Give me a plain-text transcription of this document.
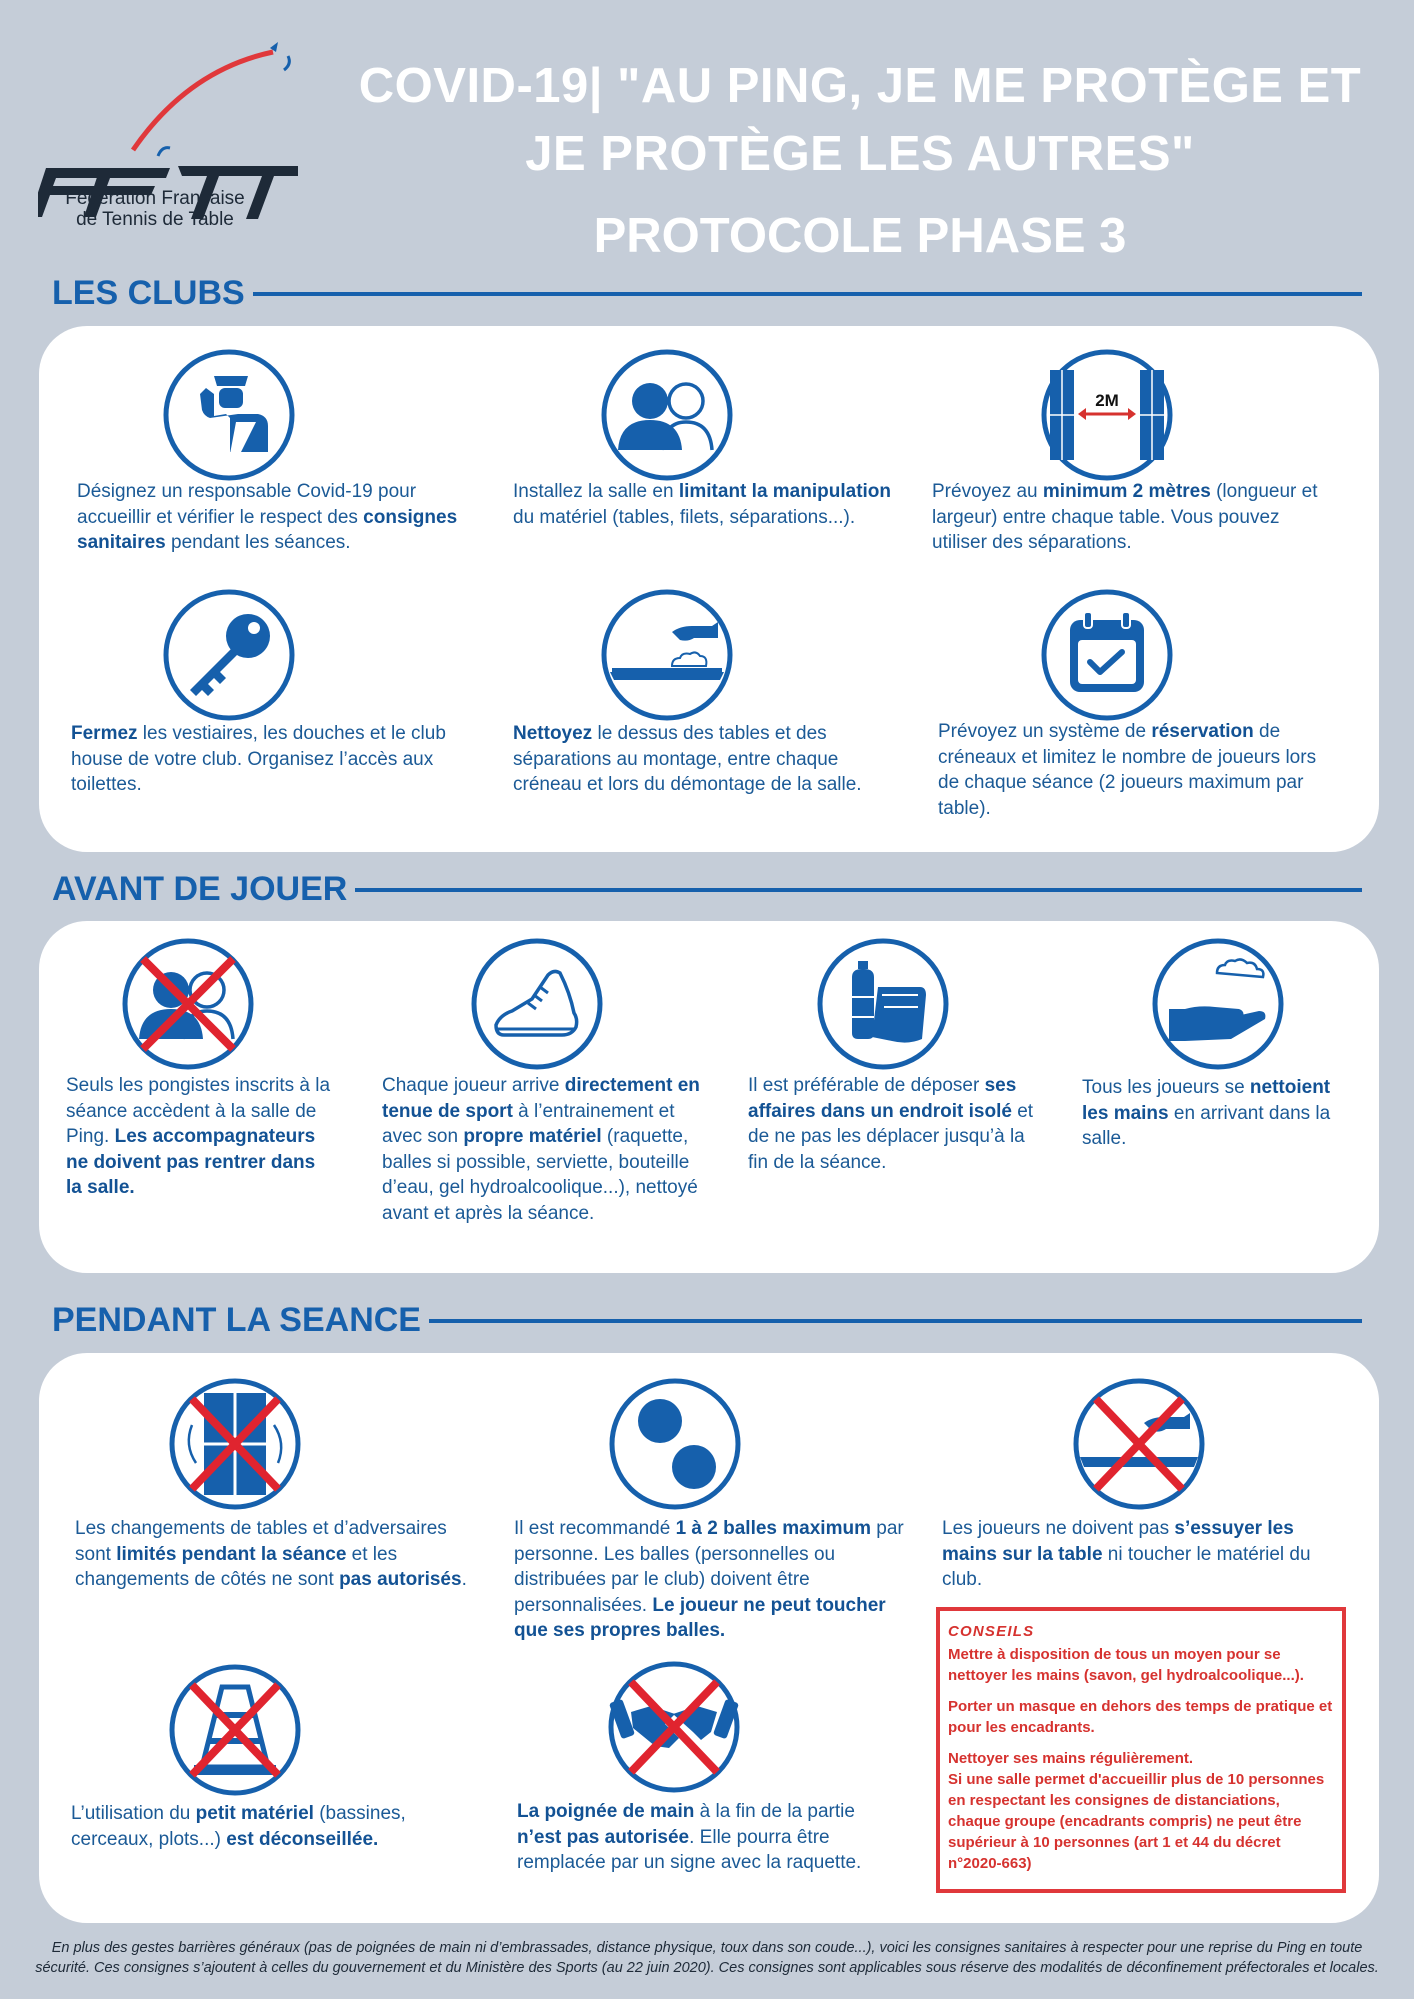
Fédération Française
de Tennis de Table
COVID-19| "AU PING, JE ME PROTÈGE ET
JE PROTÈGE LES AUTRES"
PROTOCOLE PHASE 3
LES CLUBS
2M
Désignez un responsable Covid-19 pour accueillir et vérifier le respect des consignes sanitaires pendant les séances.
Installez la salle en limitant la manipulation du matériel (tables, filets, séparations...).
Prévoyez au minimum 2 mètres (longueur et largeur) entre chaque table. Vous pouvez utiliser des séparations.
Fermez les vestiaires, les douches et le club house de votre club. Organisez l’accès aux toilettes.
Nettoyez le dessus des tables et des séparations au montage, entre chaque créneau et lors du démontage de la salle.
Prévoyez un système de réservation de créneaux et limitez le nombre de joueurs lors de chaque séance (2 joueurs maximum par table).
AVANT DE JOUER
Seuls les pongistes inscrits à la séance accèdent à la salle de Ping. Les accompagnateurs ne doivent pas rentrer dans la salle.
Chaque joueur arrive directement en tenue de sport à l’entrainement et avec son propre matériel (raquette, balles si possible, serviette, bouteille d’eau, gel hydroalcoolique...), nettoyé avant et après la séance.
Il est préférable de déposer ses affaires dans un endroit isolé et de ne pas les déplacer jusqu’à la fin de la séance.
Tous les joueurs se nettoient les mains en arrivant dans la salle.
PENDANT LA SEANCE
Les changements de tables et d’adversaires sont limités pendant la séance et les changements de côtés ne sont pas autorisés.
Il est recommandé 1 à 2 balles maximum par personne. Les balles (personnelles ou distribuées par le club) doivent être personnalisées. Le joueur ne peut toucher que ses propres balles.
Les joueurs ne doivent pas s’essuyer les mains sur la table ni toucher le matériel du club.
L’utilisation du petit matériel (bassines, cerceaux, plots...) est déconseillée.
La poignée de main à la fin de la partie n’est pas autorisée. Elle pourra être remplacée par un signe avec la raquette.
CONSEILS

Mettre à disposition de tous un moyen pour se nettoyer les mains (savon, gel hydroalcoolique...).

Porter un masque en dehors des temps de pratique et pour les encadrants.

Nettoyer ses mains régulièrement.
Si une salle permet d'accueillir plus de 10 personnes en respectant les consignes de distanciations, chaque groupe (encadrants compris) ne peut être supérieur à 10 personnes (art 1 et 44 du décret n°2020-663)
En plus des gestes barrières généraux (pas de poignées de main ni d’embrassades, distance physique, toux dans son coude...), voici les consignes sanitaires à respecter pour une reprise du Ping en toute
sécurité. Ces consignes s’ajoutent à celles du gouvernement et du Ministère des Sports (au 22 juin 2020). Ces consignes sont applicables sous réserve des modalités de déconfinement préfectorales et locales.
